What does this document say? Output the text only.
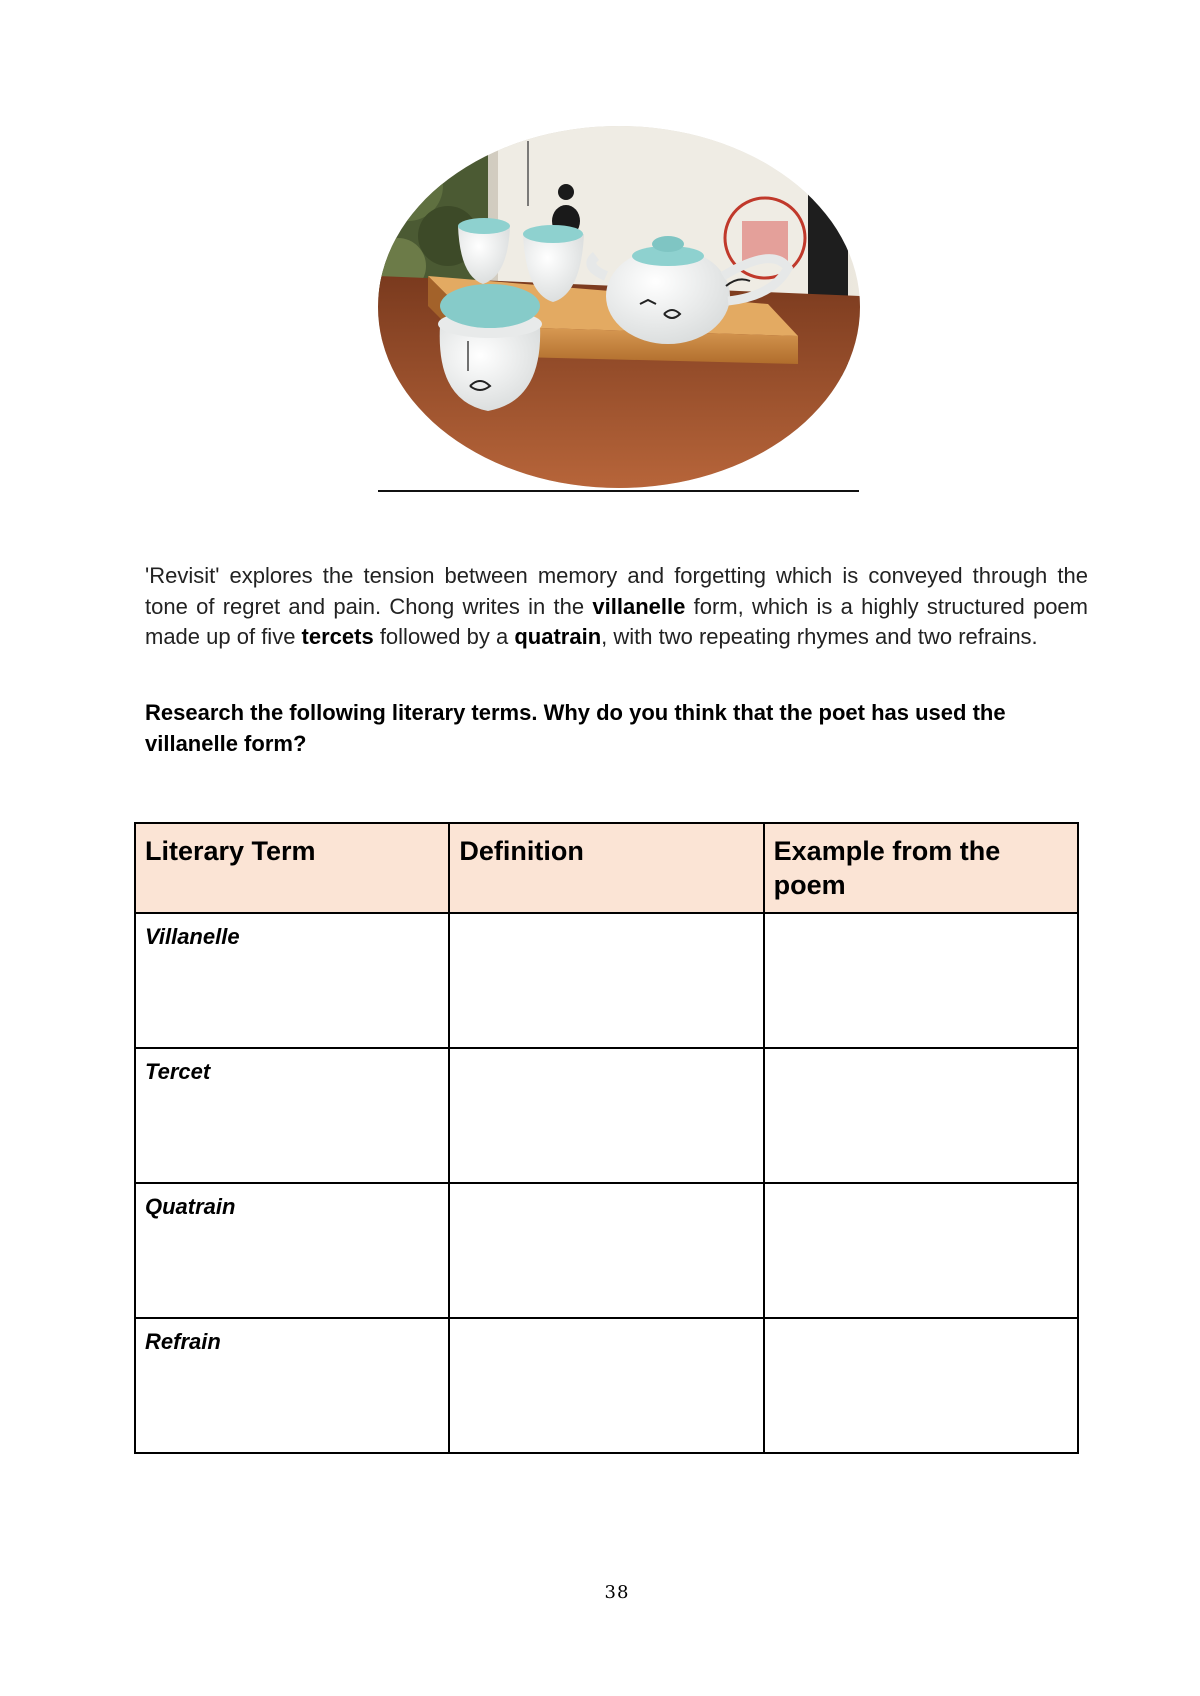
'Revisit' explores the tension between memory and forgetting which is conveyed through the tone of regret and pain. Chong writes in the villanelle form, which is a highly structured poem made up of five tercets followed by a quatrain, with two repeating rhymes and two refrains.

Research the following literary terms. Why do you think that the poet has used the villanelle form?

Literary Term	Definition	Example from the poem
Villanelle		
Tercet		
Quatrain		
Refrain		
38
